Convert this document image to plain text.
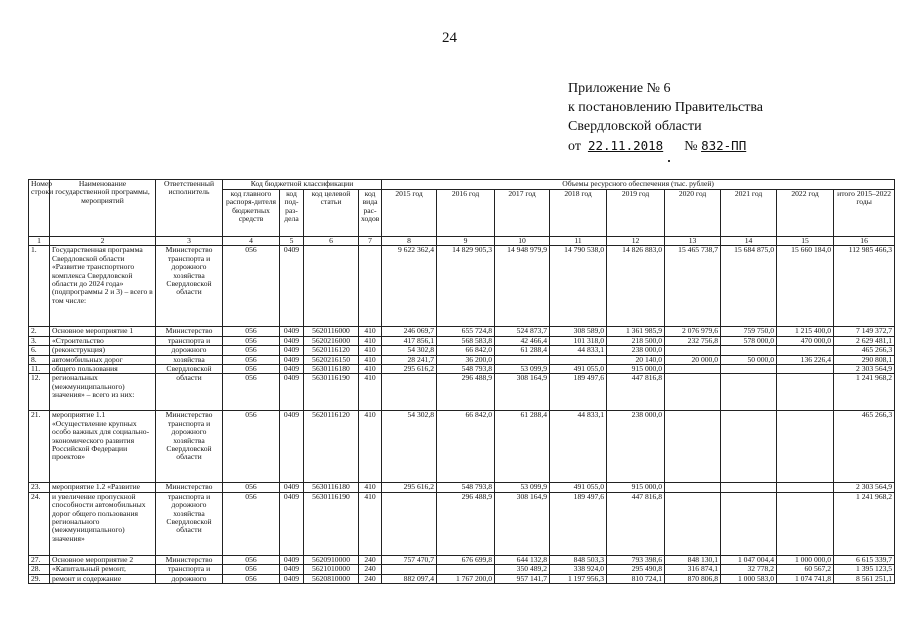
24
Приложение № 6
к постановлению Правительства
Свердловской области
от 22.11.2018 № 832-ПП
Номер строки	Наименование государственной программы, мероприятий	Ответственный исполнитель	Код бюджетной классификации				Объемы ресурсного обеспечения (тыс. рублей)								
			код главного распоря-дителя бюджетных средств	код под-раз-дела	код целевой статьи	код вида рас-ходов	2015 год	2016 год	2017 год	2018 год	2019 год	2020 год	2021 год	2022 год	итого 2015–2022 годы
1	2	3	4	5	6	7	8	9	10	11	12	13	14	15	16
1.	Государственная программа Свердловской области «Развитие транспортного комплекса Свердловской области до 2024 года» (подпрограммы 2 и 3) – всего в том числе:	Министерство транспорта и дорожного хозяйства Свердловской области	056	0409			9 622 362,4	14 829 905,3	14 948 979,9	14 790 538,0	14 826 883,0	15 465 738,7	15 684 875,0	15 660 184,0	112 985 466,3
2.	Основное мероприятие 1	Министерство	056	0409	5620116000	410	246 069,7	655 724,8	524 873,7	308 589,0	1 361 985,9	2 076 979,6	759 750,0	1 215 400,0	7 149 372,7
3.	«Строительство	транспорта и	056	0409	5620216000	410	417 856,1	568 583,8	42 466,4	101 318,0	218 500,0	232 756,8	578 000,0	470 000,0	2 629 481,1
6.	(реконструкция)	дорожного	056	0409	5620116120	410	54 302,8	66 842,0	61 288,4	44 833,1	238 000,0				465 266,3
8.	автомобильных дорог	хозяйства	056	0409	5620216150	410	28 241,7	36 200,0			20 140,0	20 000,0	50 000,0	136 226,4	290 808,1
11.	общего пользования	Свердловской	056	0409	5630116180	410	295 616,2	548 793,8	53 099,9	491 055,0	915 000,0				2 303 564,9
12.	региональных (межмуниципального) значения» – всего из них:	области	056	0409	5630116190	410		296 488,9	308 164,9	189 497,6	447 816,8				1 241 968,2
21.	мероприятие 1.1 «Осуществление крупных особо важных для социально-экономического развития Российской Федерации проектов»	Министерство транспорта и дорожного хозяйства Свердловской области	056	0409	5620116120	410	54 302,8	66 842,0	61 288,4	44 833,1	238 000,0				465 266,3
23.	мероприятие 1.2 «Развитие	Министерство	056	0409	5630116180	410	295 616,2	548 793,8	53 099,9	491 055,0	915 000,0				2 303 564,9
24.	и увеличение пропускной способности автомобильных дорог общего пользования регионального (межмуниципального) значения»	транспорта и дорожного хозяйства Свердловской области	056	0409	5630116190	410		296 488,9	308 164,9	189 497,6	447 816,8				1 241 968,2
27.	Основное мероприятие 2	Министерство	056	0409	5620910000	240	757 470,7	676 699,8	644 132,8	848 503,3	793 398,6	848 130,1	1 047 004,4	1 000 000,0	6 615 339,7
28.	«Капитальный ремонт,	транспорта и	056	0409	5621010000	240			350 489,2	338 924,0	295 490,8	316 874,1	32 778,2	60 567,2	1 395 123,5
29.	ремонт и содержание	дорожного	056	0409	5620810000	240	882 097,4	1 767 200,0	957 141,7	1 197 956,3	810 724,1	870 806,8	1 000 583,0	1 074 741,8	8 561 251,1
